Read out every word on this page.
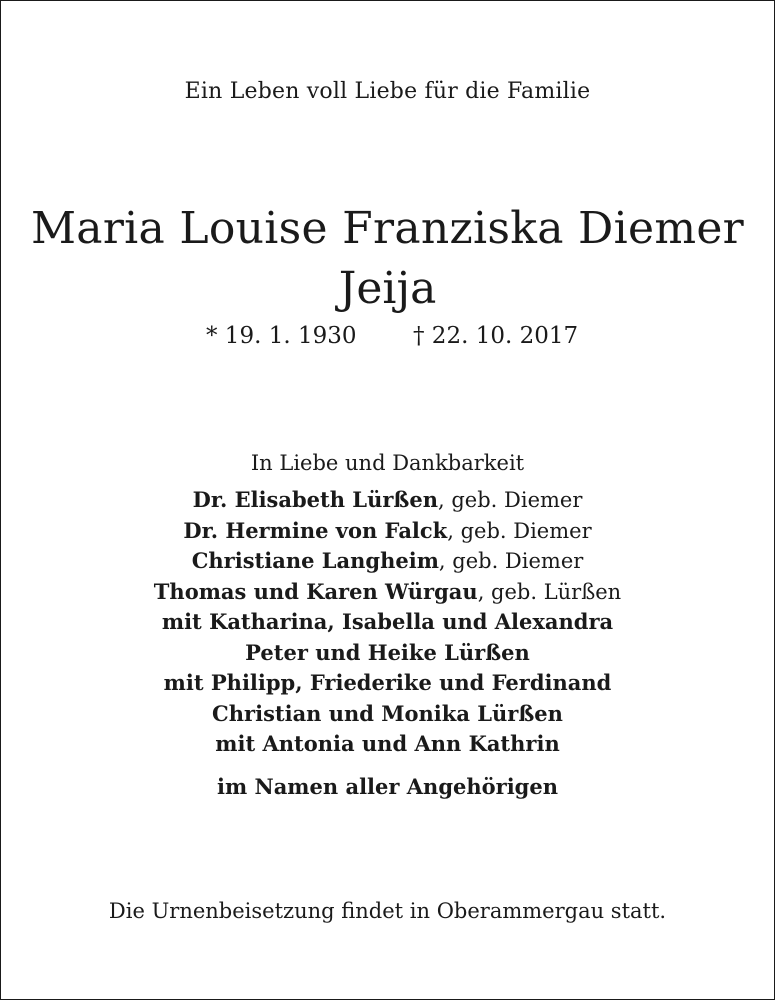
Ein Leben voll Liebe für die Familie

Maria Louise Franziska Diemer
Jeija
* 19. 1. 1930 † 22. 10. 2017

In Liebe und Dankbarkeit

Dr. Elisabeth Lürßen, geb. Diemer
Dr. Hermine von Falck, geb. Diemer
Christiane Langheim, geb. Diemer
Thomas und Karen Würgau, geb. Lürßen
mit Katharina, Isabella und Alexandra
Peter und Heike Lürßen
mit Philipp, Friederike und Ferdinand
Christian und Monika Lürßen
mit Antonia und Ann Kathrin

im Namen aller Angehörigen

Die Urnenbeisetzung findet in Oberammergau statt.
